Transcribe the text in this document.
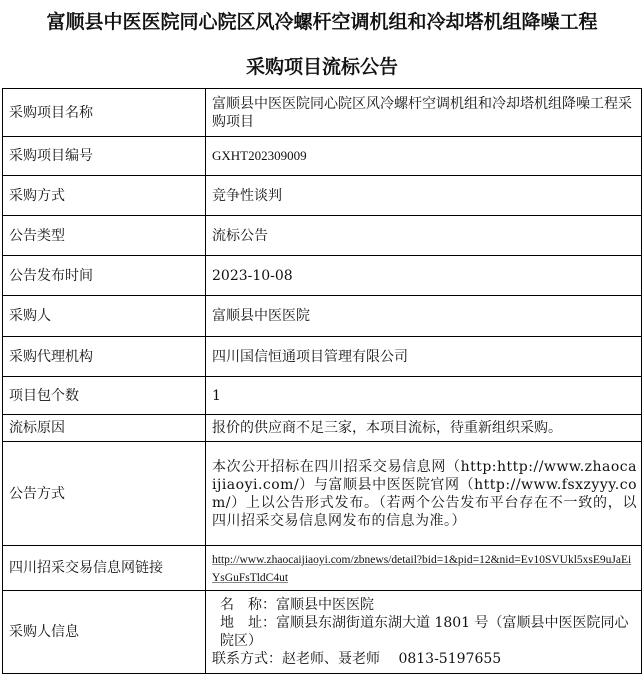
富顺县中医医院同心院区风冷螺杆空调机组和冷却塔机组降噪工程
采购项目流标公告
采购项目名称	富顺县中医医院同心院区风冷螺杆空调机组和冷却塔机组降噪工程采购项目
采购项目编号	GXHT202309009
采购方式	竞争性谈判
公告类型	流标公告
公告发布时间	2023-10-08
采购人	富顺县中医医院
采购代理机构	四川国信恒通项目管理有限公司
项目包个数	1
流标原因	报价的供应商不足三家，本项目流标，待重新组织采购。
公告方式	本次公开招标在四川招采交易信息网（http:http://www.zhaocaijiaoyi.com/）与富顺县中医医院官网（http://www.fsxzyyy.com/）上以公告形式发布。（若两个公告发布平台存在不一致的，以四川招采交易信息网发布的信息为准。）
四川招采交易信息网链接	http://www.zhaocaijiaoyi.com/zbnews/detail?bid=1&pid=12&nid=Ev10SVUkl5xsE9uJaEiYsGuFsTldC4ut
采购人信息	名　称：富顺县中医医院
地　址：富顺县东湖街道东湖大道 1801 号（富顺县中医医院同心院区）
联系方式：赵老师、聂老师　 0813-5197655
